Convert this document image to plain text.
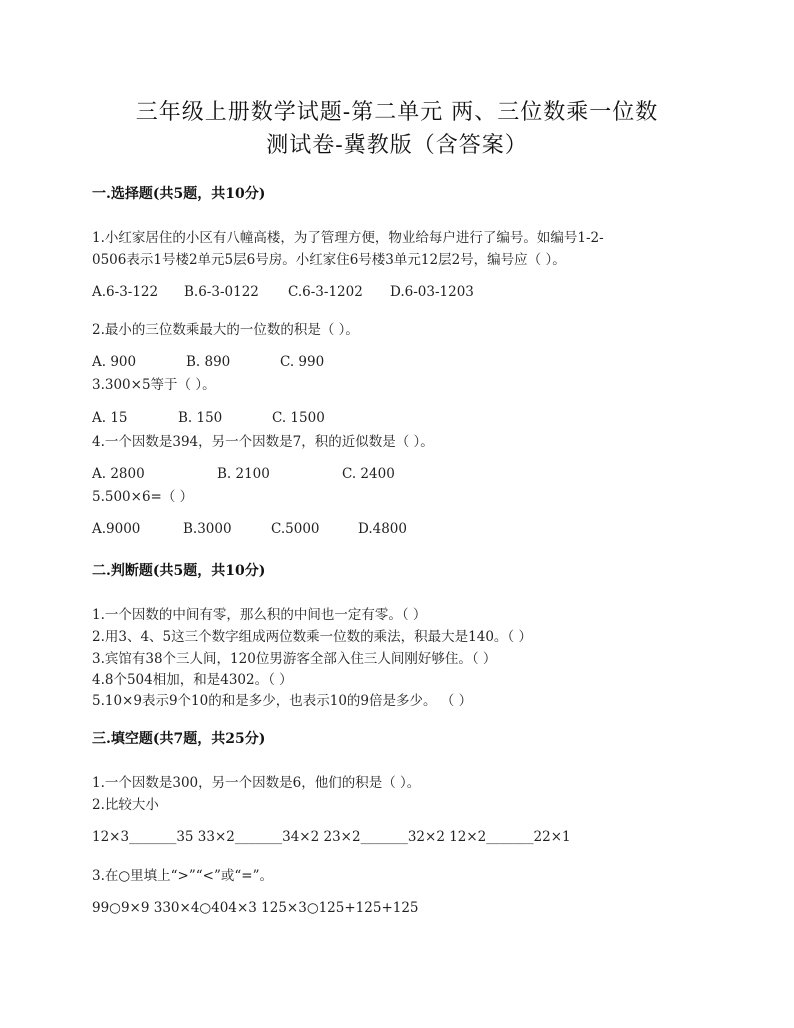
三年级上册数学试题-第二单元 两、三位数乘一位数
测试卷-冀教版（含答案）
一.选择题(共5题，共10分)
1.小红家居住的小区有八幢高楼，为了管理方便，物业给每户进行了编号。如编号1-2-
0506表示1号楼2单元5层6号房。小红家住6号楼3单元12层2号，编号应（ ）。
A.6-3-122 B.6-3-0122 C.6-3-1202 D.6-03-1203
2.最小的三位数乘最大的一位数的积是（ ）。
A. 900	B. 890	C. 990
3.300×5等于（ ）。
A. 15	B. 150	C. 1500
4.一个因数是394，另一个因数是7，积的近似数是（ ）。
A. 2800	B. 2100	C. 2400
5.500×6=（ ）
A.9000	B.3000	C.5000	D.4800
二.判断题(共5题，共10分)
1.一个因数的中间有零，那么积的中间也一定有零。（ ）
2.用3、4、5这三个数字组成两位数乘一位数的乘法，积最大是140。（ ）
3.宾馆有38个三人间，120位男游客全部入住三人间刚好够住。（ ）
4.8个504相加，和是4302。（ ）
5.10×9表示9个10的和是多少，也表示10的9倍是多少。 （ ）
三.填空题(共7题，共25分)
1.一个因数是300，另一个因数是6，他们的积是（ ）。
2.比较大小
12×3_______35 33×2_______34×2 23×2_______32×2 12×2_______22×1
3.在○里填上“>”“<”或“=”。
99○9×9 330×4○404×3 125×3○125+125+125
